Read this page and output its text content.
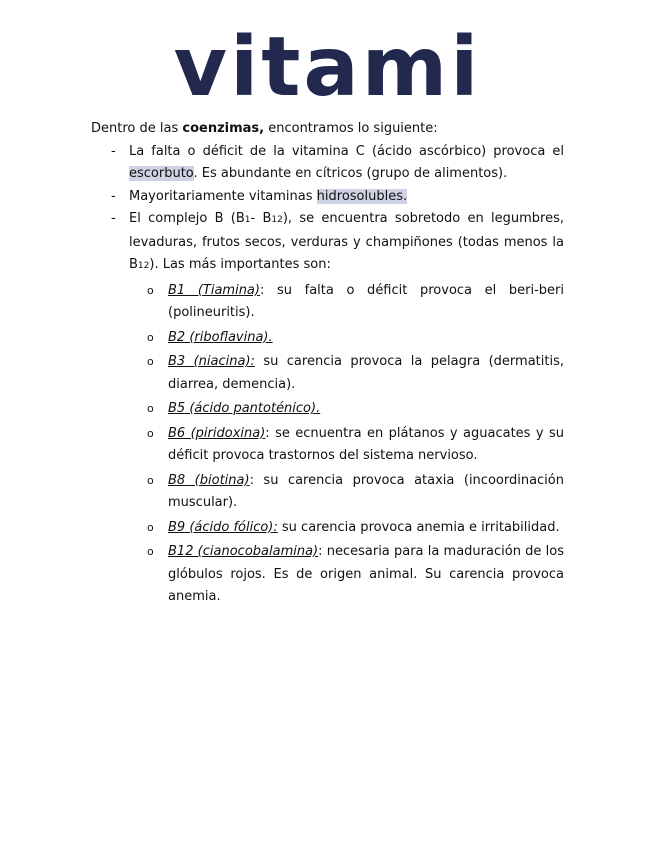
vitami

Dentro de las coenzimas, encontramos lo siguiente:

- La falta o déficit de la vitamina C (ácido ascórbico) provoca el escorbuto. Es abundante en cítricos (grupo de alimentos).
- Mayoritariamente vitaminas hidrosolubles.
- El complejo B (B1- B12), se encuentra sobretodo en legumbres, levaduras, frutos secos, verduras y champiñones (todas menos la B12). Las más importantes son:
o B1 (Tiamina): su falta o déficit provoca el beri-beri (polineuritis).
o B2 (riboflavina).
o B3 (niacina): su carencia provoca la pelagra (dermatitis, diarrea, demencia).
o B5 (ácido pantoténico).
o B6 (piridoxina): se ecnuentra en plátanos y aguacates y su déficit provoca trastornos del sistema nervioso.
o B8 (biotina): su carencia provoca ataxia (incoordinación muscular).
o B9 (ácido fólico): su carencia provoca anemia e irritabilidad.
o B12 (cianocobalamina): necesaria para la maduración de los glóbulos rojos. Es de origen animal. Su carencia provoca anemia.
